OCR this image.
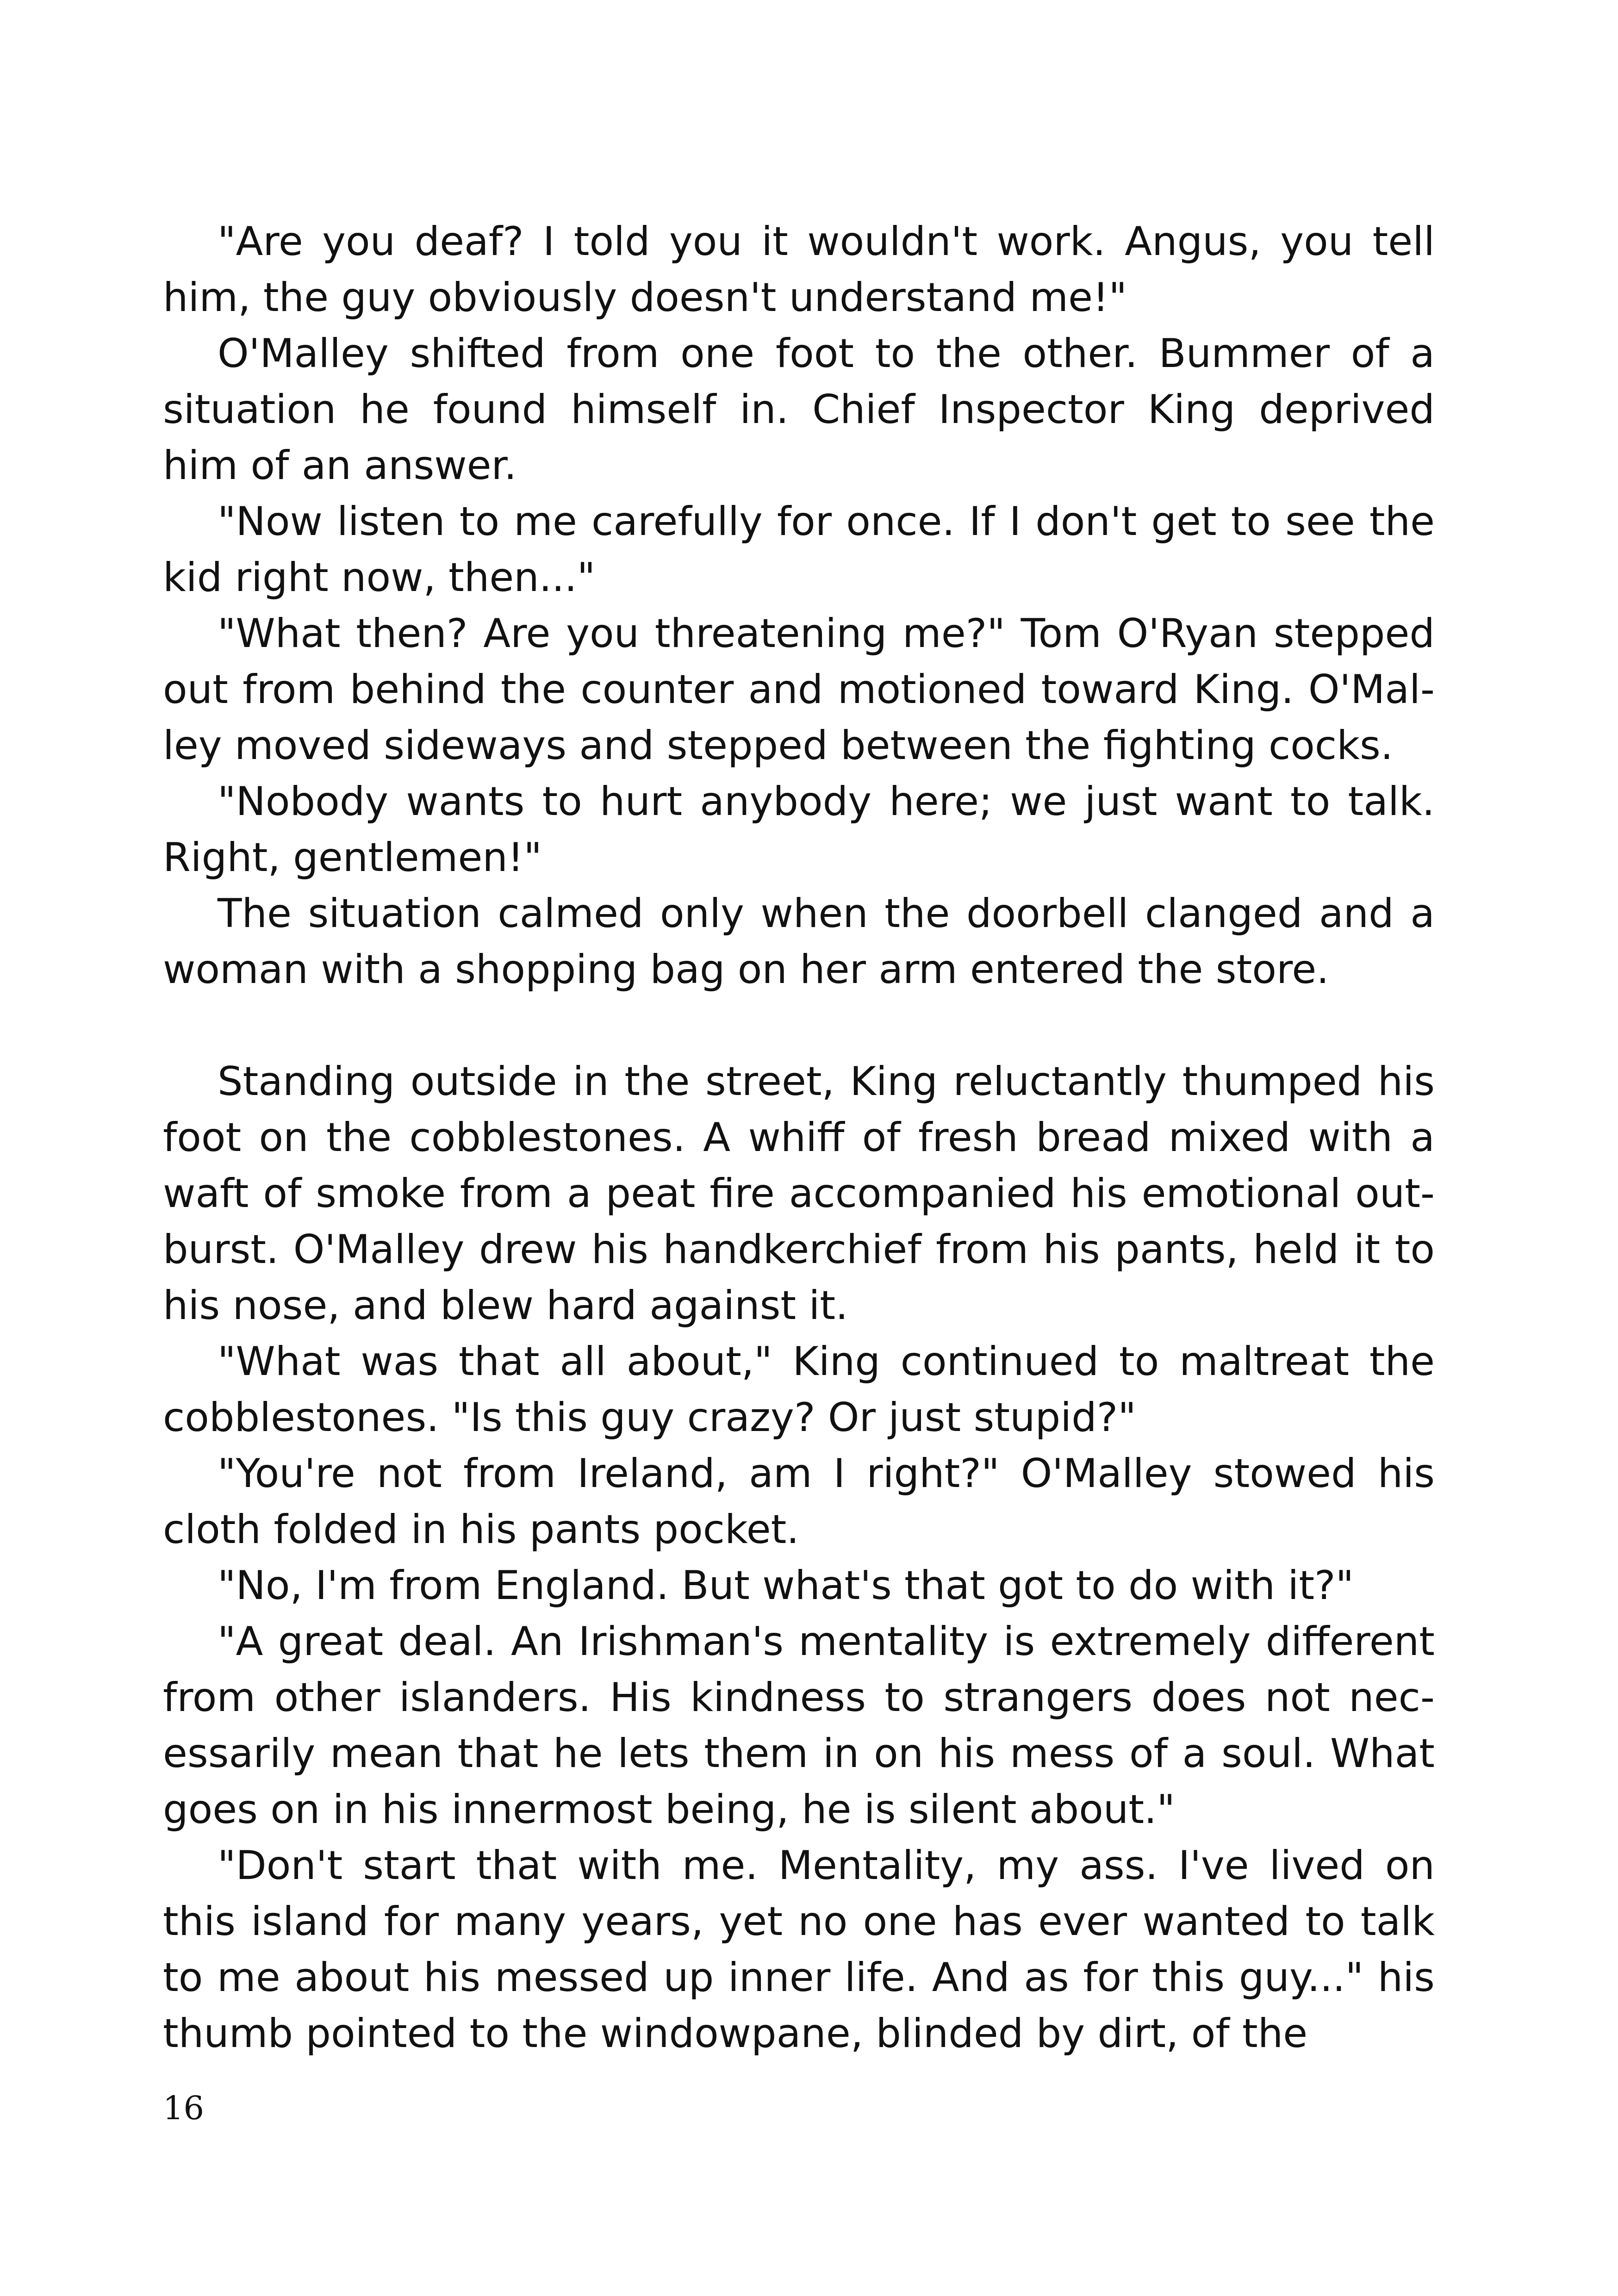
"Are you deaf? I told you it wouldn't work. Angus, you tell him, the guy obviously doesn't understand me!"

O'Malley shifted from one foot to the other. Bummer of a situation he found himself in. Chief Inspector King deprived him of an answer.

"Now listen to me carefully for once. If I don't get to see the kid right now, then..."

"What then? Are you threatening me?" Tom O'Ryan stepped out from behind the counter and motioned toward King. O'Malley moved sideways and stepped between the fighting cocks.

"Nobody wants to hurt anybody here; we just want to talk. Right, gentlemen!"

The situation calmed only when the doorbell clanged and a woman with a shopping bag on her arm entered the store.

Standing outside in the street, King reluctantly thumped his foot on the cobblestones. A whiff of fresh bread mixed with a waft of smoke from a peat fire accompanied his emotional outburst. O'Malley drew his handkerchief from his pants, held it to his nose, and blew hard against it.

"What was that all about," King continued to maltreat the cobblestones. "Is this guy crazy? Or just stupid?"

"You're not from Ireland, am I right?" O'Malley stowed his cloth folded in his pants pocket.

"No, I'm from England. But what's that got to do with it?"

"A great deal. An Irishman's mentality is extremely different from other islanders. His kindness to strangers does not necessarily mean that he lets them in on his mess of a soul. What goes on in his innermost being, he is silent about."

"Don't start that with me. Mentality, my ass. I've lived on this island for many years, yet no one has ever wanted to talk to me about his messed up inner life. And as for this guy..." his thumb pointed to the windowpane, blinded by dirt, of the

16
